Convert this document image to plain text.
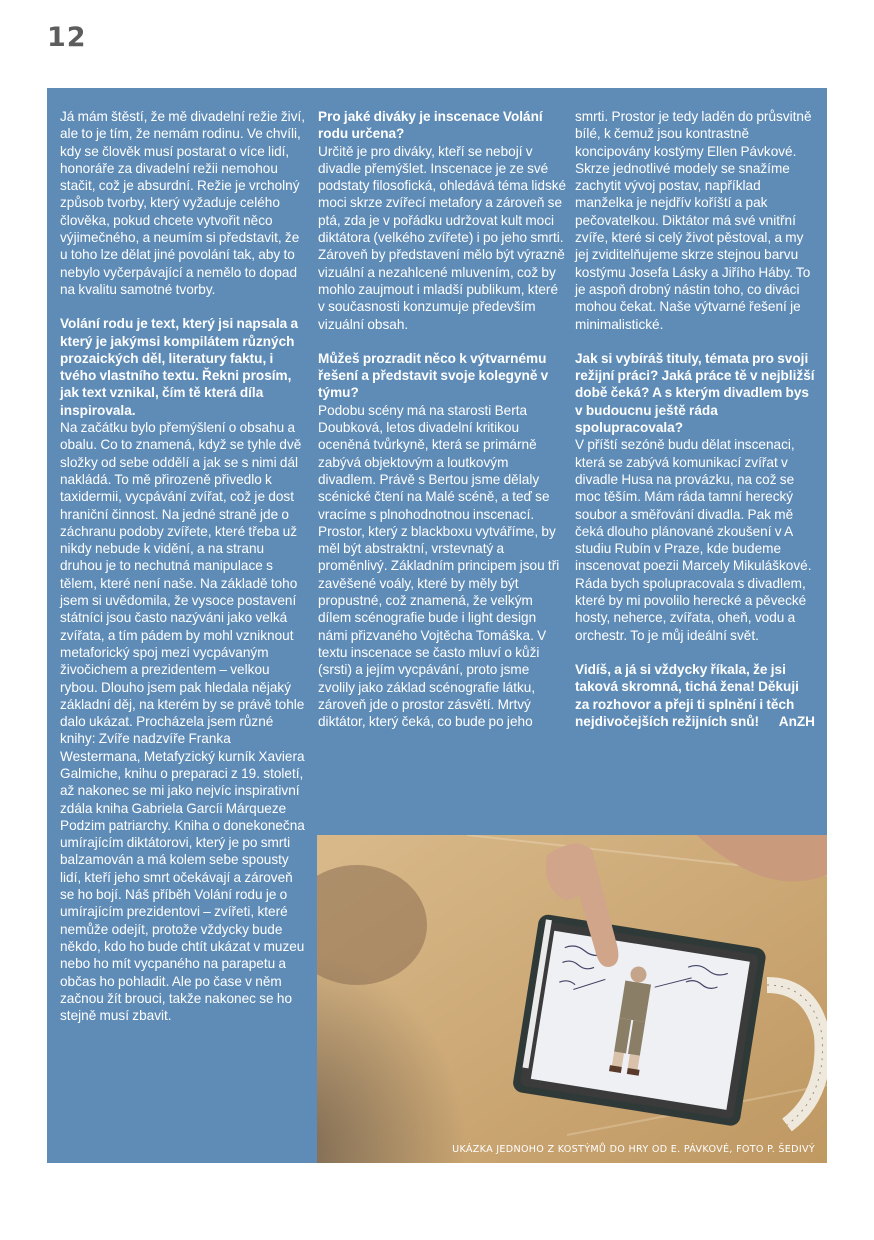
12

Já mám štěstí, že mě divadelní režie živí, ale to je tím, že nemám rodinu. Ve chvíli, kdy se člověk musí postarat o více lidí, honoráře za divadelní režii nemohou stačit, což je absurdní. Režie je vrcholný způsob tvorby, který vyžaduje celého člověka, pokud chcete vytvořit něco výjimečného, a neumím si představit, že u toho lze dělat jiné povolání tak, aby to nebylo vyčerpávající a nemělo to dopad na kvalitu samotné tvorby.

Volání rodu je text, který jsi napsala a který je jakýmsi kompilátem různých prozaických děl, literatury faktu, i tvého vlastního textu. Řekni prosím, jak text vznikal, čím tě která díla inspirovala.
Na začátku bylo přemýšlení o obsahu a obalu. Co to znamená, když se tyhle dvě složky od sebe oddělí a jak se s nimi dál nakládá. To mě přirozeně přivedlo k taxidermii, vycpávání zvířat, což je dost hraniční činnost. Na jedné straně jde o záchranu podoby zvířete, které třeba už nikdy nebude k vidění, a na stranu druhou je to nechutná manipulace s tělem, které není naše. Na základě toho jsem si uvědomila, že vysoce postavení státníci jsou často nazýváni jako velká zvířata, a tím pádem by mohl vzniknout metaforický spoj mezi vycpávaným živočichem a prezidentem – velkou rybou. Dlouho jsem pak hledala nějaký základní děj, na kterém by se právě tohle dalo ukázat. Procházela jsem různé knihy: Zvíře nadzvíře Franka Westermana, Metafyzický kurník Xaviera Galmiche, knihu o preparaci z 19. století, až nakonec se mi jako nejvíc inspirativní zdála kniha Gabriela Garcíi Márqueze Podzim patriarchy. Kniha o donekonečna umírajícím diktátorovi, který je po smrti balzamován a má kolem sebe spousty lidí, kteří jeho smrt očekávají a zároveň se ho bojí. Náš příběh Volání rodu je o umírajícím prezidentovi – zvířeti, které nemůže odejít, protože vždycky bude někdo, kdo ho bude chtít ukázat v muzeu nebo ho mít vycpaného na parapetu a občas ho pohladit. Ale po čase v něm začnou žít brouci, takže nakonec se ho stejně musí zbavit.

Pro jaké diváky je inscenace Volání rodu určena?
Určitě je pro diváky, kteří se nebojí v divadle přemýšlet. Inscenace je ze své podstaty filosofická, ohledává téma lidské moci skrze zvířecí metafory a zároveň se ptá, zda je v pořádku udržovat kult moci diktátora (velkého zvířete) i po jeho smrti. Zároveň by představení mělo být výrazně vizuální a nezahlcené mluvením, což by mohlo zaujmout i mladší publikum, které v současnosti konzumuje především vizuální obsah.

Můžeš prozradit něco k výtvarnému řešení a představit svoje kolegyně v týmu?
Podobu scény má na starosti Berta Doubková, letos divadelní kritikou oceněná tvůrkyně, která se primárně zabývá objektovým a loutkovým divadlem. Právě s Bertou jsme dělaly scénické čtení na Malé scéně, a teď se vracíme s plnohodnotnou inscenací. Prostor, který z blackboxu vytváříme, by měl být abstraktní, vrstevnatý a proměnlivý. Základním principem jsou tři zavěšené voály, které by měly být propustné, což znamená, že velkým dílem scénografie bude i light design námi přizvaného Vojtěcha Tomáška. V textu inscenace se často mluví o kůži (srsti) a jejím vycpávání, proto jsme zvolily jako základ scénografie látku, zároveň jde o prostor zásvětí. Mrtvý diktátor, který čeká, co bude po jeho

smrti. Prostor je tedy laděn do průsvitně bílé, k čemuž jsou kontrastně koncipovány kostýmy Ellen Pávkové. Skrze jednotlivé modely se snažíme zachytit vývoj postav, například manželka je nejdřív koříští a pak pečovatelkou. Diktátor má své vnitřní zvíře, které si celý život pěstoval, a my jej zviditelňujeme skrze stejnou barvu kostýmu Josefa Lásky a Jiřího Háby. To je aspoň drobný nástin toho, co diváci mohou čekat. Naše výtvarné řešení je minimalistické.

Jak si vybíráš tituly, témata pro svoji režijní práci? Jaká práce tě v nejbližší době čeká? A s kterým divadlem bys v budoucnu ještě ráda spolupracovala?
V příští sezóně budu dělat inscenaci, která se zabývá komunikací zvířat v divadle Husa na provázku, na což se moc těším. Mám ráda tamní herecký soubor a směřování divadla. Pak mě čeká dlouho plánované zkoušení v A studiu Rubín v Praze, kde budeme inscenovat poezii Marcely Mikuláškové. Ráda bych spolupracovala s divadlem, které by mi povolilo herecké a pěvecké hosty, neherce, zvířata, oheň, vodu a orchestr. To je můj ideální svět.

Vidíš, a já si vždycky říkala, že jsi taková skromná, tichá žena! Děkuji za rozhovor a přeji ti splnění i těch nejdivočejších režijních snů! AnZH

UKÁZKA JEDNOHO Z KOSTÝMŮ DO HRY OD E. PÁVKOVÉ, FOTO P. ŠEDIVÝ
